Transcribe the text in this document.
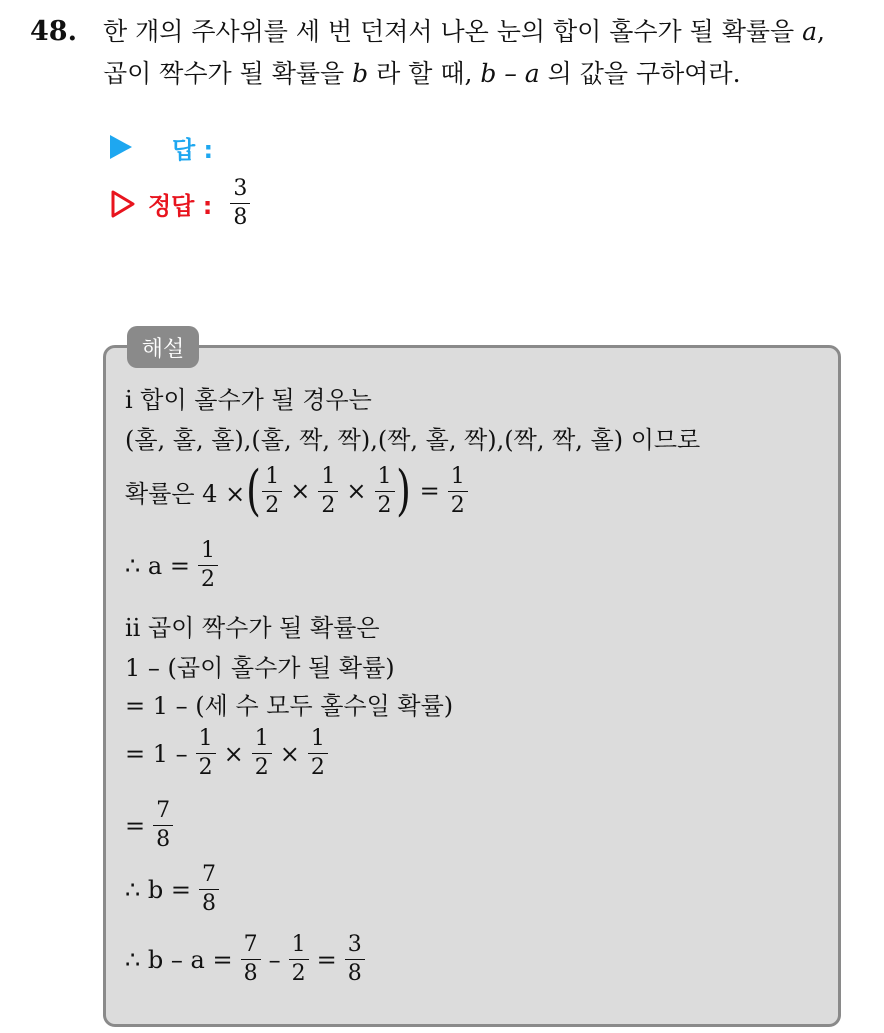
48. 한 개의 주사위를 세 번 던져서 나온 눈의 합이 홀수가 될 확률을 a,
곱이 짝수가 될 확률을 b 라 할 때, b – a 의 값을 구하여라.
답 :
정답 : $\frac{3}{8}$
해설
ⅰ 합이 홀수가 될 경우는
(홀, 홀, 홀),(홀, 짝, 짝),(짝, 홀, 짝),(짝, 짝, 홀) 이므로
확률은 4 × ( $\frac{1}{2} \times \frac{1}{2} \times \frac{1}{2}$ ) = $\frac{1}{2}$
∴ $a = \frac{1}{2}$
ⅱ 곱이 짝수가 될 확률은
1 – (곱이 홀수가 될 확률)
= 1 – (세 수 모두 홀수일 확률)
= $1 - \frac{1}{2} \times \frac{1}{2} \times \frac{1}{2}$
= $\frac{7}{8}$
∴ $b = \frac{7}{8}$
∴ $b - a = \frac{7}{8} - \frac{1}{2} = \frac{3}{8}$
